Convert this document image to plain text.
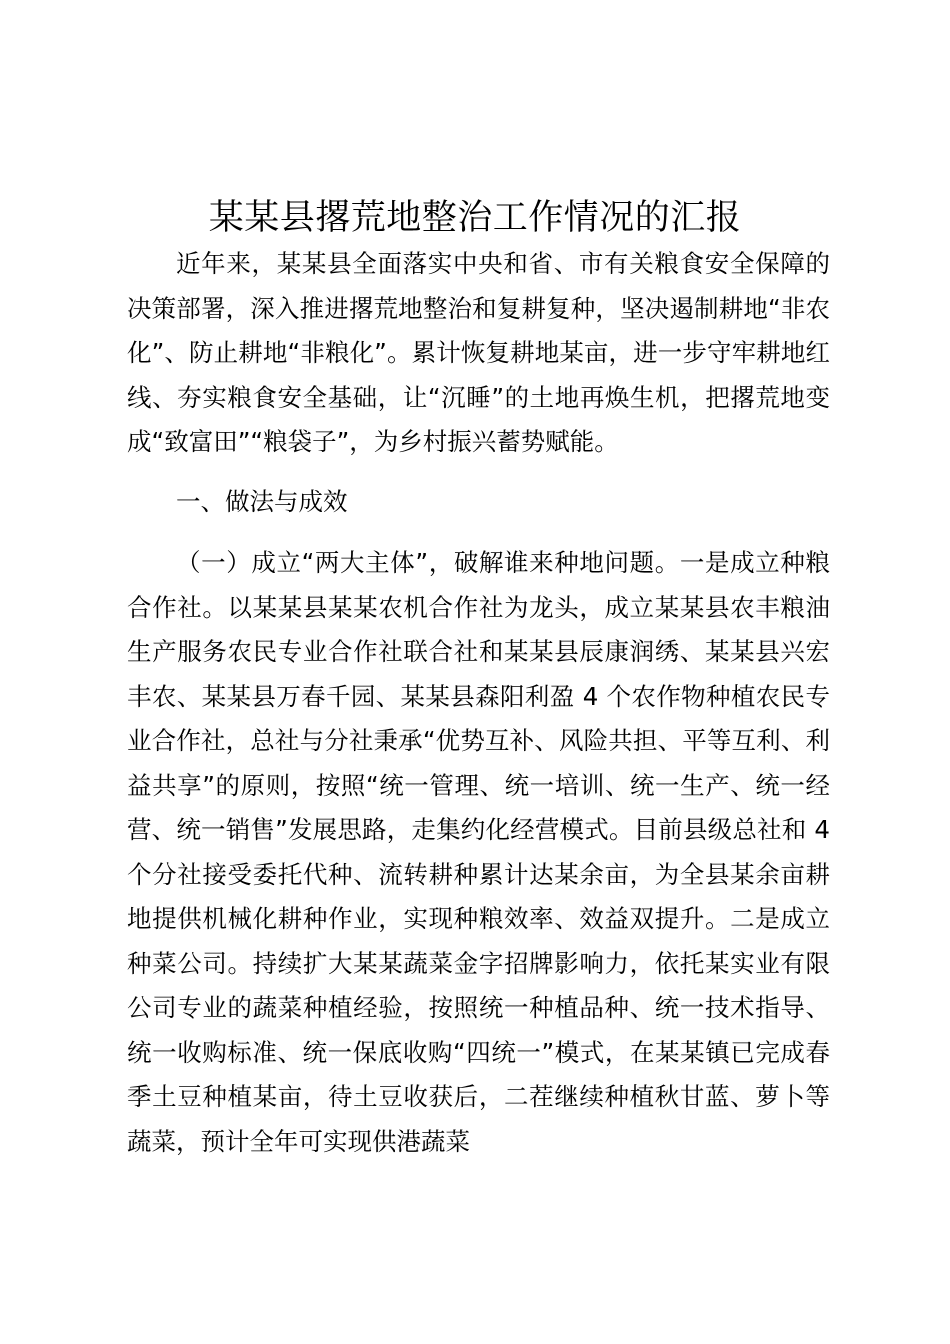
某某县撂荒地整治工作情况的汇报

近年来，某某县全面落实中央和省、市有关粮食安全保障的决策部署，深入推进撂荒地整治和复耕复种，坚决遏制耕地“非农化”、防止耕地“非粮化”。累计恢复耕地某亩，进一步守牢耕地红线、夯实粮食安全基础，让“沉睡”的土地再焕生机，把撂荒地变成“致富田”“粮袋子”，为乡村振兴蓄势赋能。

一、做法与成效

（一）成立“两大主体”，破解谁来种地问题。一是成立种粮合作社。以某某县某某农机合作社为龙头，成立某某县农丰粮油生产服务农民专业合作社联合社和某某县辰康润绣、某某县兴宏丰农、某某县万春千园、某某县森阳利盈 4 个农作物种植农民专业合作社，总社与分社秉承“优势互补、风险共担、平等互利、利益共享”的原则，按照“统一管理、统一培训、统一生产、统一经营、统一销售”发展思路，走集约化经营模式。目前县级总社和 4 个分社接受委托代种、流转耕种累计达某余亩，为全县某余亩耕地提供机械化耕种作业，实现种粮效率、效益双提升。二是成立种菜公司。持续扩大某某蔬菜金字招牌影响力，依托某实业有限公司专业的蔬菜种植经验，按照统一种植品种、统一技术指导、统一收购标准、统一保底收购“四统一”模式，在某某镇已完成春季土豆种植某亩，待土豆收获后，二茬继续种植秋甘蓝、萝卜等蔬菜，预计全年可实现供港蔬菜
